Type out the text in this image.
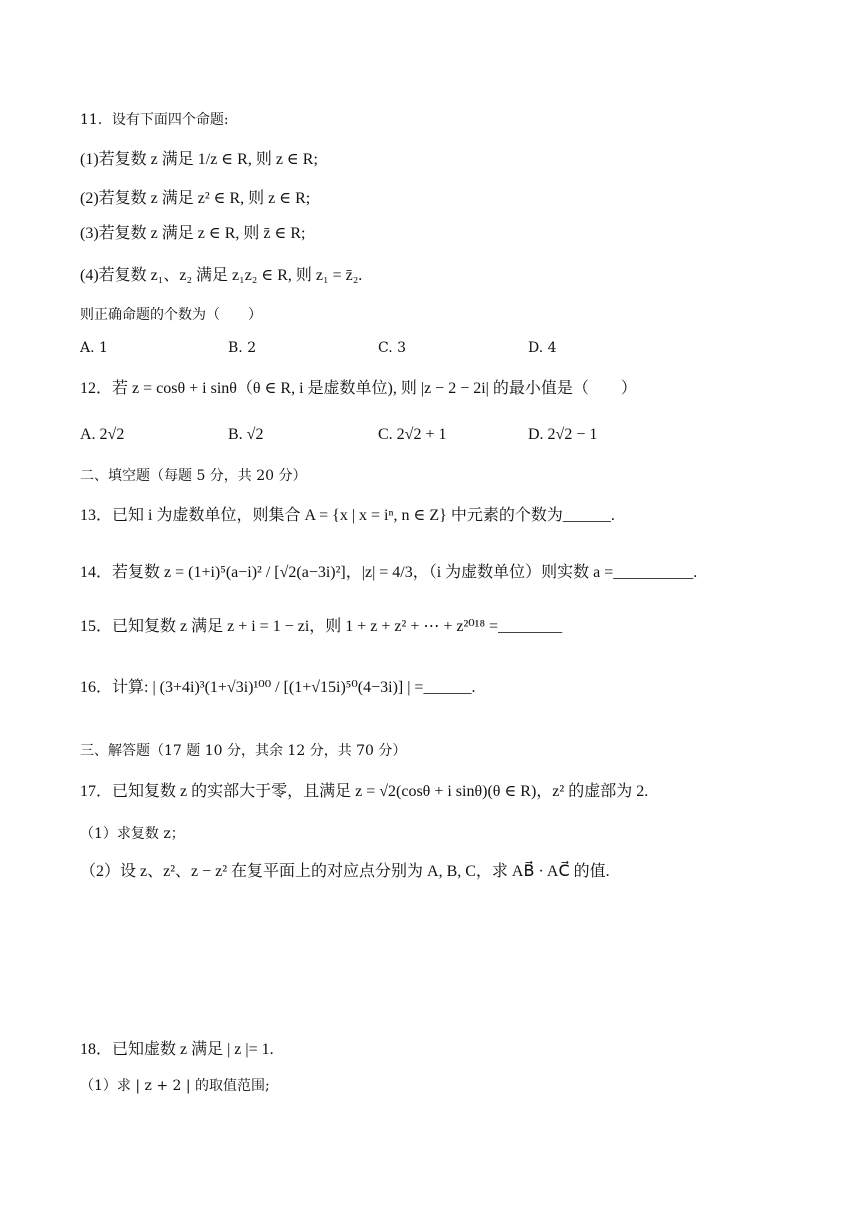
11．设有下面四个命题:
(1)若复数 z 满足 1/z ∈ R, 则 z ∈ R;
(2)若复数 z 满足 z² ∈ R, 则 z ∈ R;
(3)若复数 z 满足 z ∈ R, 则 z̄ ∈ R;
(4)若复数 z₁、z₂ 满足 z₁z₂ ∈ R, 则 z₁ = z̄₂.
则正确命题的个数为（　　）
A. 1	B. 2	C. 3	D. 4
12．若 z = cosθ + i sinθ（θ ∈ R, i 是虚数单位), 则 |z − 2 − 2i| 的最小值是（　　）
A. 2√2	B. √2	C. 2√2 + 1	D. 2√2 − 1
二、填空题（每题 5 分，共 20 分）
13．已知 i 为虚数单位，则集合 A = {x | x = iⁿ, n ∈ Z} 中元素的个数为______.
14．若复数 z = (1+i)⁵(a−i)² / [√2(a−3i)²]，|z| = 4/3，（i 为虚数单位）则实数 a =__________.
15．已知复数 z 满足 z + i = 1 − zi，则 1 + z + z² + ⋯ + z²⁰¹⁸ =________
16．计算: | (3+4i)³(1+√3i)¹⁰⁰ / [(1+√15i)⁵⁰(4−3i)] | =______.
三、解答题（17 题 10 分，其余 12 分，共 70 分）
17．已知复数 z 的实部大于零，且满足 z = √2(cosθ + i sinθ)(θ ∈ R)，z² 的虚部为 2.
（1）求复数 z；
（2）设 z、z²、z − z² 在复平面上的对应点分别为 A, B, C，求 AB⃗ · AC⃗ 的值.
18．已知虚数 z 满足 | z |= 1.
（1）求 | z + 2 | 的取值范围;
